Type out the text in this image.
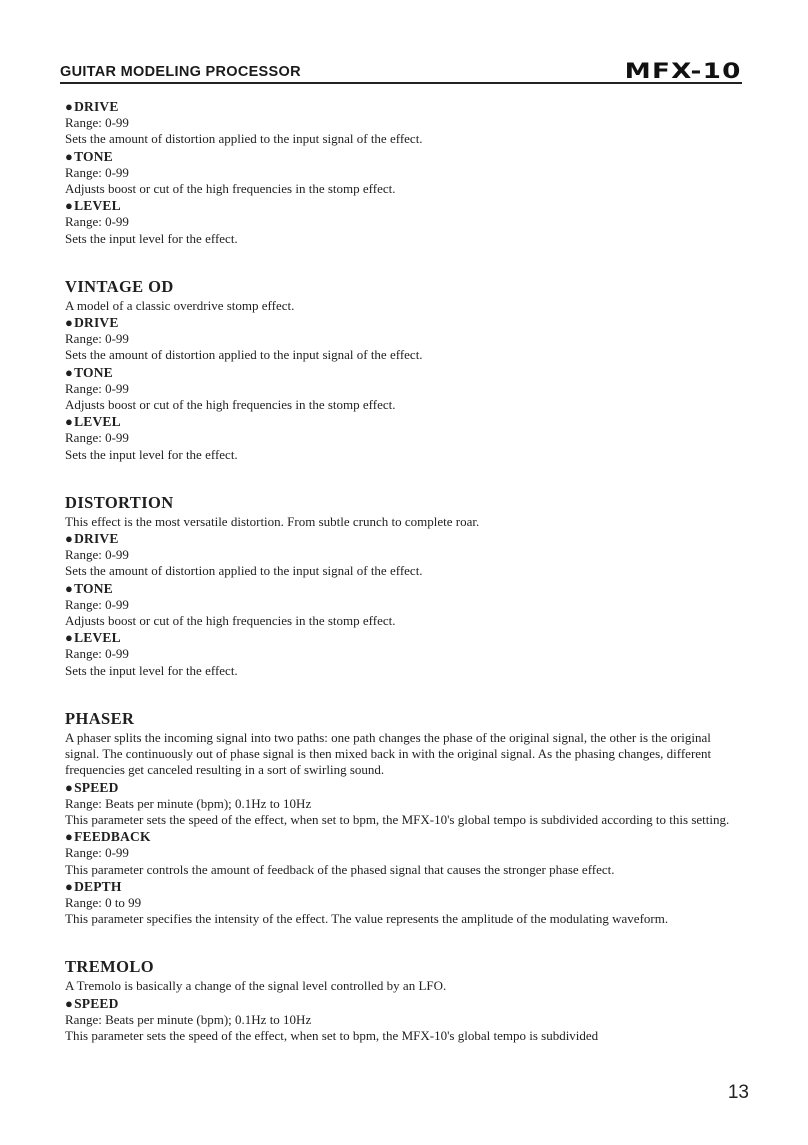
GUITAR MODELING PROCESSOR	MFX-10

●DRIVE

Range: 0-99

Sets the amount of distortion applied to the input signal of the effect.

●TONE

Range: 0-99

Adjusts boost or cut of the high frequencies in the stomp effect.

●LEVEL

Range: 0-99

Sets the input level for the effect.

VINTAGE OD

A model of a classic overdrive stomp effect.

●DRIVE

Range: 0-99

Sets the amount of distortion applied to the input signal of the effect.

●TONE

Range: 0-99

Adjusts boost or cut of the high frequencies in the stomp effect.

●LEVEL

Range: 0-99

Sets the input level for the effect.

DISTORTION

This effect is the most versatile distortion. From subtle crunch to complete roar.

●DRIVE

Range: 0-99

Sets the amount of distortion applied to the input signal of the effect.

●TONE

Range: 0-99

Adjusts boost or cut of the high frequencies in the stomp effect.

●LEVEL

Range: 0-99

Sets the input level for the effect.

PHASER

A phaser splits the incoming signal into two paths: one path changes the phase of the original signal, the other is the original signal. The continuously out of phase signal is then mixed back in with the original signal. As the phasing changes, different frequencies get canceled resulting in a sort of swirling sound.

●SPEED

Range: Beats per minute (bpm); 0.1Hz to 10Hz

This parameter sets the speed of the effect, when set to bpm, the MFX-10's global tempo is subdivided according to this setting.

●FEEDBACK

Range: 0-99

This parameter controls the amount of feedback of the phased signal that causes the stronger phase effect.

●DEPTH

Range: 0 to 99

This parameter specifies the intensity of the effect. The value represents the amplitude of the modulating waveform.

TREMOLO

A Tremolo is basically a change of the signal level controlled by an LFO.

●SPEED

Range: Beats per minute (bpm); 0.1Hz to 10Hz

This parameter sets the speed of the effect, when set to bpm, the MFX-10's global tempo is subdivided

13
